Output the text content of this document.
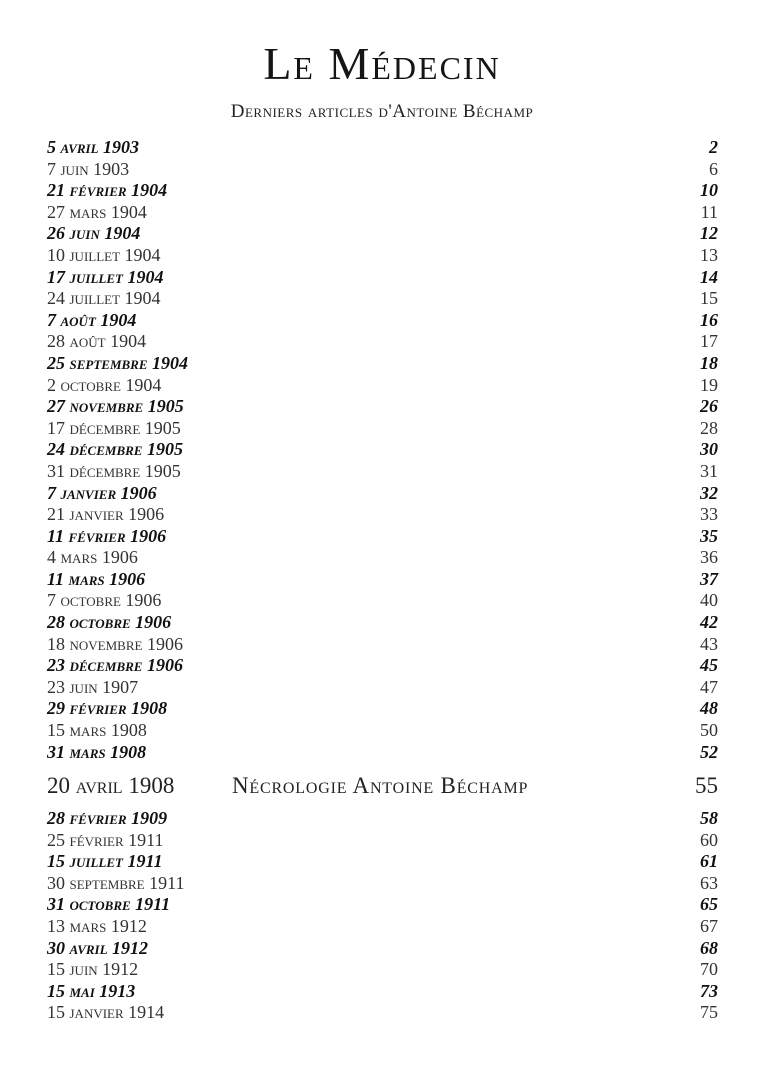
Le Médecin
Derniers articles d'Antoine Béchamp
5 avril 1903	2
7 juin 1903	6
21 février 1904	10
27 mars 1904	11
26 juin 1904	12
10 juillet 1904	13
17 juillet 1904	14
24 juillet 1904	15
7 août 1904	16
28 août 1904	17
25 septembre 1904	18
2 octobre 1904	19
27 novembre 1905	26
17 décembre 1905	28
24 décembre 1905	30
31 décembre 1905	31
7 janvier 1906	32
21 janvier 1906	33
11 février 1906	35
4 mars 1906	36
11 mars 1906	37
7 octobre 1906	40
28 octobre 1906	42
18 novembre 1906	43
23 décembre 1906	45
23 juin 1907	47
29 février 1908	48
15 mars 1908	50
31 mars 1908	52
20 avril 1908	Nécrologie Antoine Béchamp	55
28 février 1909	58
25 février 1911	60
15 juillet 1911	61
30 septembre 1911	63
31 octobre 1911	65
13 mars 1912	67
30 avril 1912	68
15 juin 1912	70
15 mai 1913	73
15 janvier 1914	75
